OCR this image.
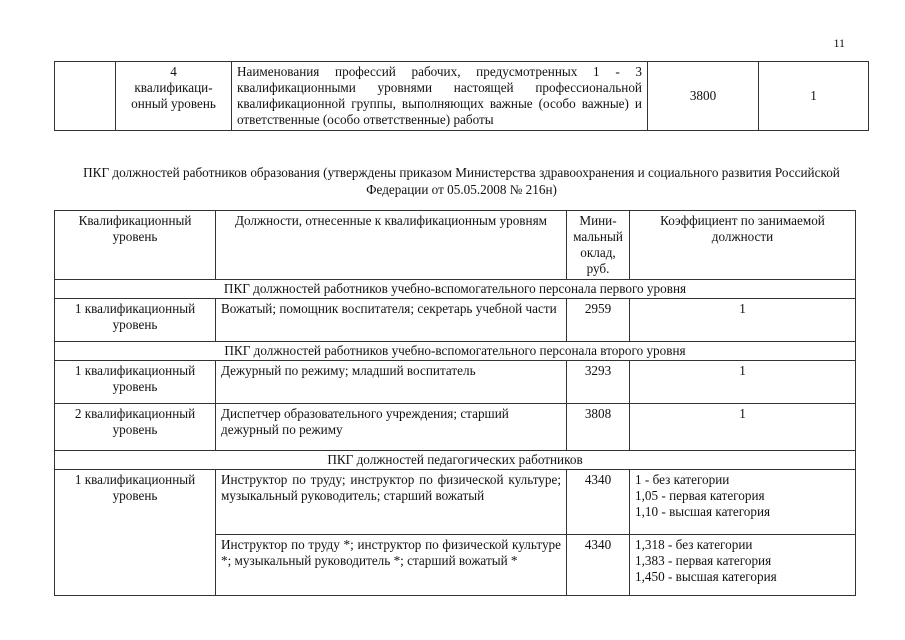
11
	4
квалификаци-
онный уровень	Наименования профессий рабочих, предусмотренных 1 - 3 квалификационными уровнями настоящей профессиональной квалификационной группы, выполняющих важные (особо важные) и ответственные (особо ответственные) работы	3800	1
ПКГ должностей работников образования (утверждены приказом Министерства здравоохранения и социального развития Российской Федерации от 05.05.2008 № 216н)
Квалификационный уровень	Должности, отнесенные к квалификационным уровням	Мини-
мальный
оклад,
руб.	Коэффициент по занимаемой должности
ПКГ должностей работников учебно-вспомогательного персонала первого уровня			
1 квалификационный уровень	Вожатый; помощник воспитателя; секретарь учебной части	2959	1
ПКГ должностей работников учебно-вспомогательного персонала второго уровня			
1 квалификационный уровень	Дежурный по режиму; младший воспитатель	3293	1
2 квалификационный уровень	Диспетчер образовательного учреждения; старший дежурный по режиму	3808	1
ПКГ должностей педагогических работников			
1 квалификационный уровень	Инструктор по труду; инструктор по физической культуре; музыкальный руководитель; старший вожатый	4340	1 - без категории
1,05 - первая категория
1,10 - высшая категория
	Инструктор по труду *; инструктор по физической культуре *; музыкальный руководитель *; старший вожатый *	4340	1,318 - без категории
1,383 - первая категория
1,450 - высшая категория
